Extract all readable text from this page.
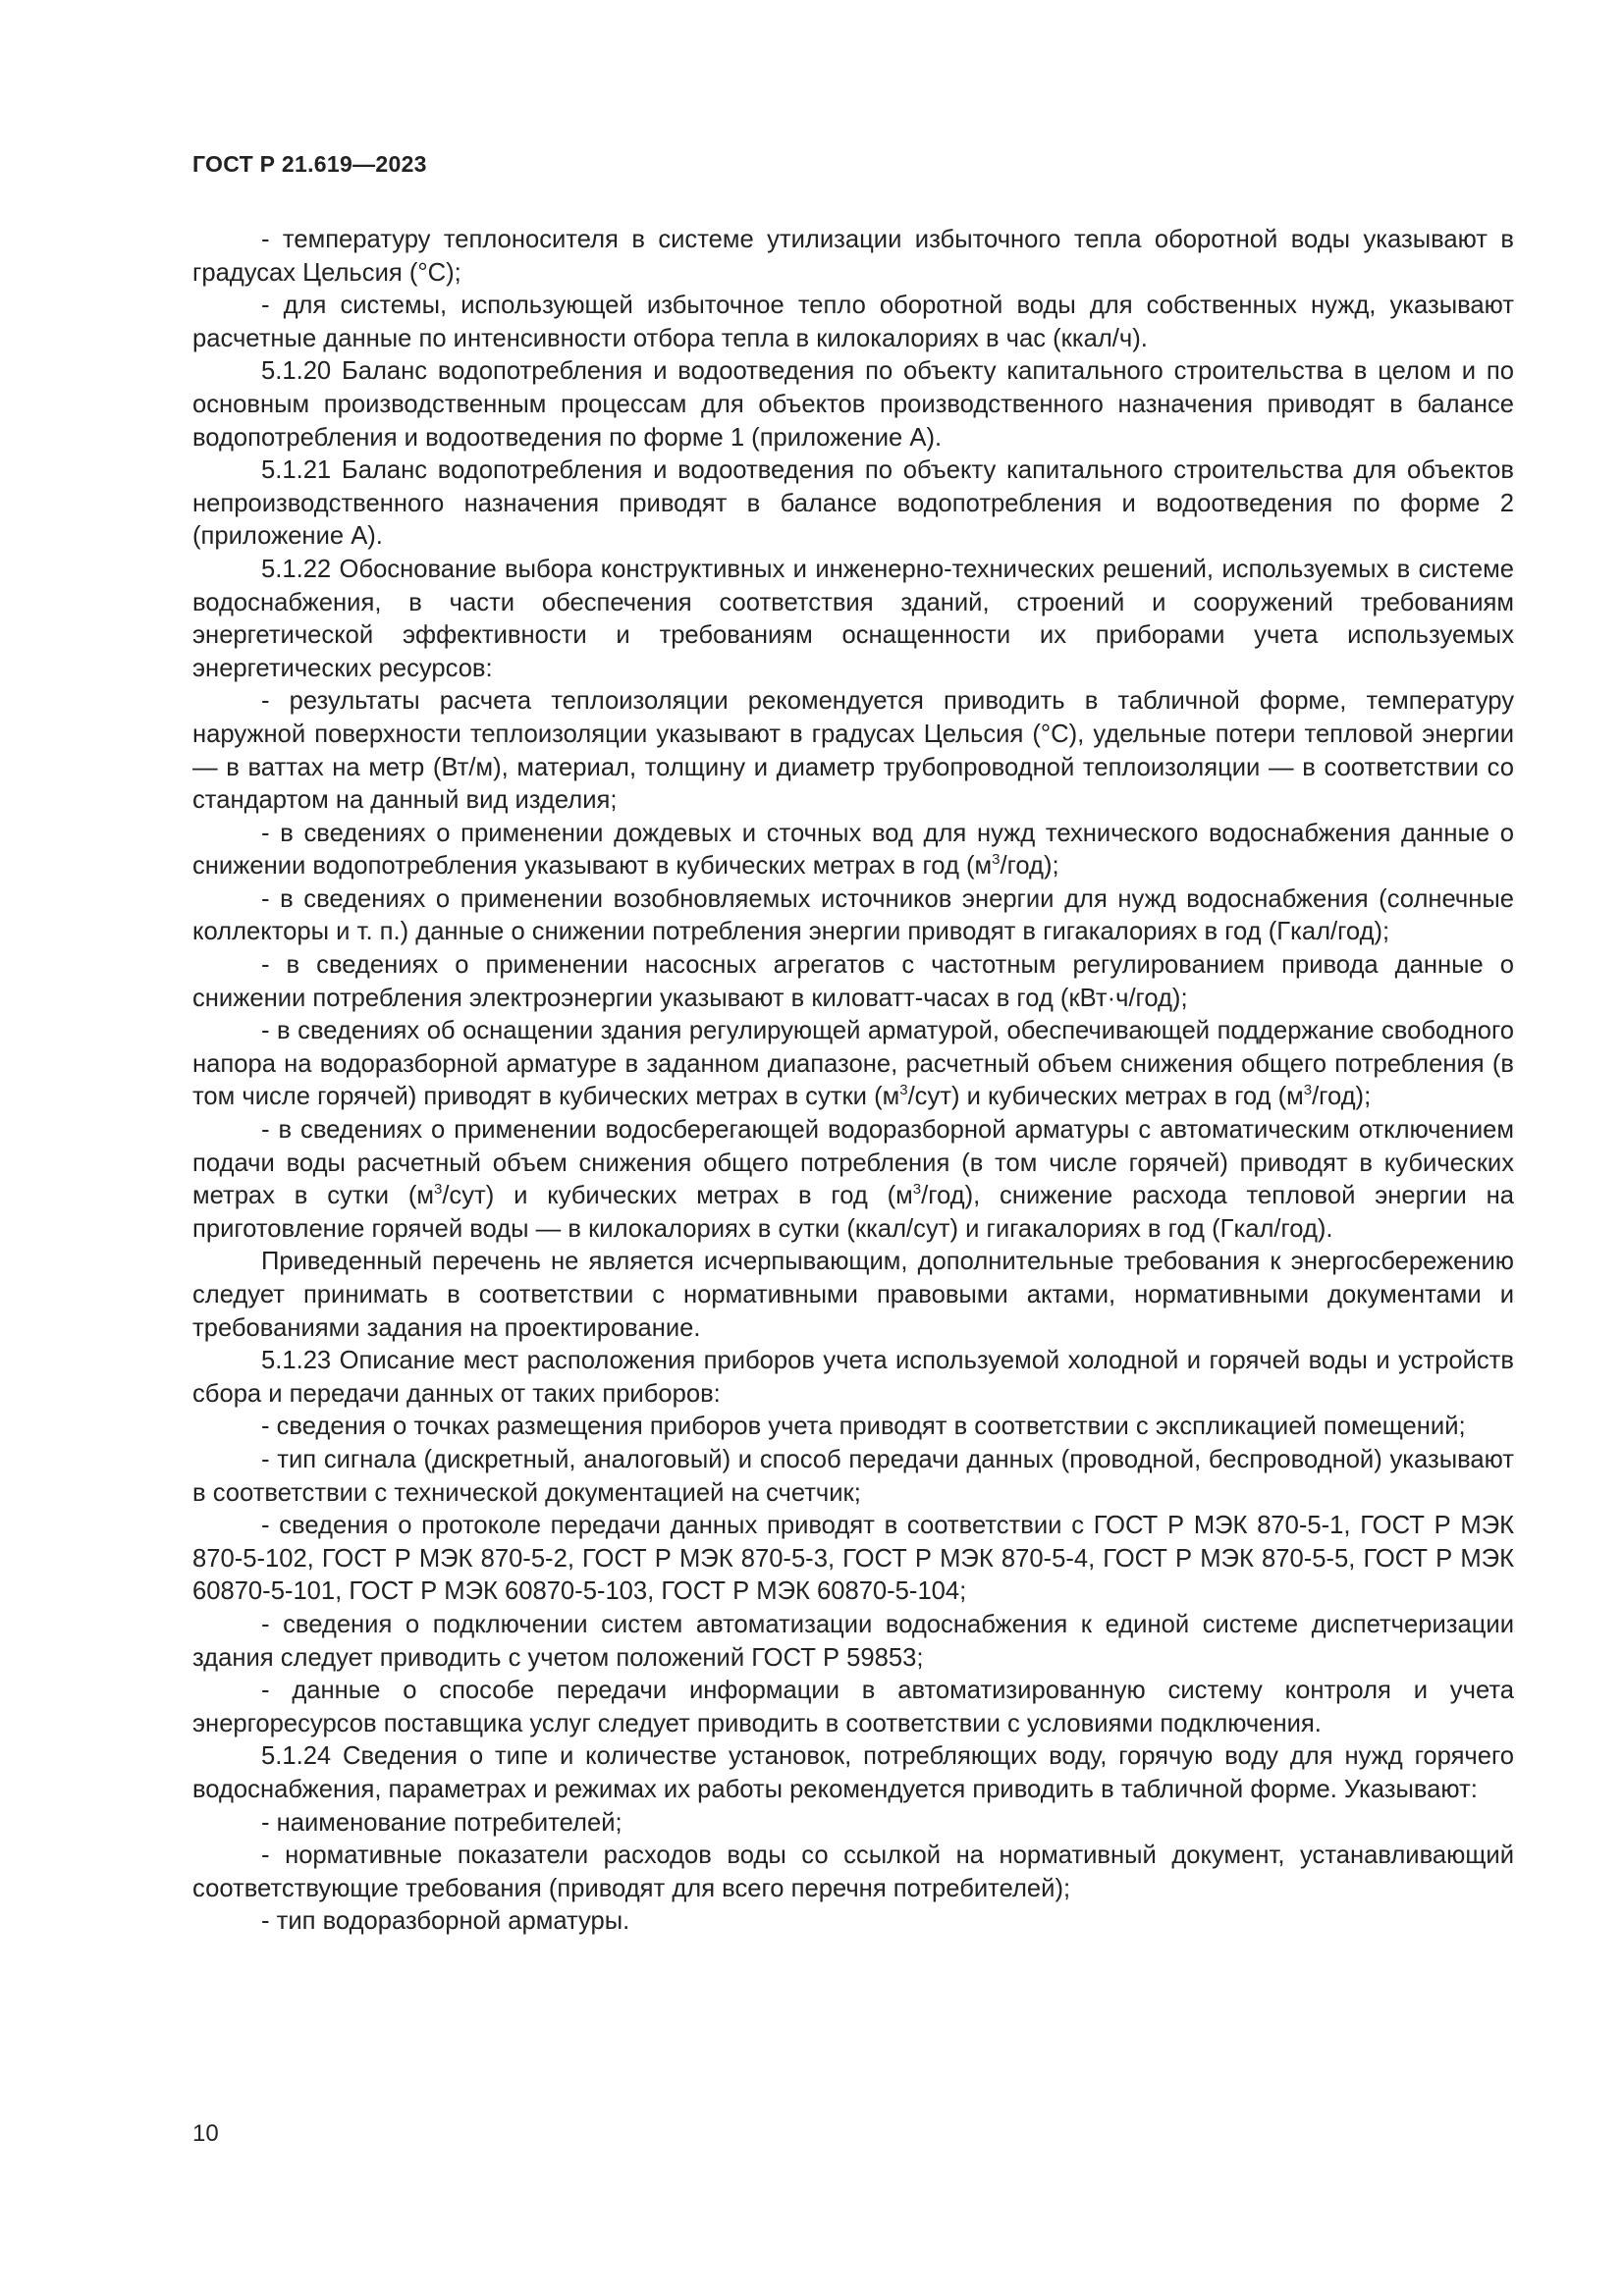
ГОСТ Р 21.619—2023

- температуру теплоносителя в системе утилизации избыточного тепла оборотной воды указывают в градусах Цельсия (°С);

- для системы, использующей избыточное тепло оборотной воды для собственных нужд, указывают расчетные данные по интенсивности отбора тепла в килокалориях в час (ккал/ч).

5.1.20 Баланс водопотребления и водоотведения по объекту капитального строительства в целом и по основным производственным процессам для объектов производственного назначения приводят в балансе водопотребления и водоотведения по форме 1 (приложение А).

5.1.21 Баланс водопотребления и водоотведения по объекту капитального строительства для объектов непроизводственного назначения приводят в балансе водопотребления и водоотведения по форме 2 (приложение А).

5.1.22 Обоснование выбора конструктивных и инженерно-технических решений, используемых в системе водоснабжения, в части обеспечения соответствия зданий, строений и сооружений требованиям энергетической эффективности и требованиям оснащенности их приборами учета используемых энергетических ресурсов:

- результаты расчета теплоизоляции рекомендуется приводить в табличной форме, температуру наружной поверхности теплоизоляции указывают в градусах Цельсия (°С), удельные потери тепловой энергии — в ваттах на метр (Вт/м), материал, толщину и диаметр трубопроводной теплоизоляции — в соответствии со стандартом на данный вид изделия;

- в сведениях о применении дождевых и сточных вод для нужд технического водоснабжения данные о снижении водопотребления указывают в кубических метрах в год $(м^3/год)$;

- в сведениях о применении возобновляемых источников энергии для нужд водоснабжения (солнечные коллекторы и т. п.) данные о снижении потребления энергии приводят в гигакалориях в год (Гкал/год);

- в сведениях о применении насосных агрегатов с частотным регулированием привода данные о снижении потребления электроэнергии указывают в киловатт-часах в год (кВт·ч/год);

- в сведениях об оснащении здания регулирующей арматурой, обеспечивающей поддержание свободного напора на водоразборной арматуре в заданном диапазоне, расчетный объем снижения общего потребления (в том числе горячей) приводят в кубических метрах в сутки $(м^3/сут)$ и кубических метрах в год $(м^3/год)$;

- в сведениях о применении водосберегающей водоразборной арматуры с автоматическим отключением подачи воды расчетный объем снижения общего потребления (в том числе горячей) приводят в кубических метрах в сутки $(м^3/сут)$ и кубических метрах в год $(м^3/год)$, снижение расхода тепловой энергии на приготовление горячей воды — в килокалориях в сутки (ккал/сут) и гигакалориях в год (Гкал/год).

Приведенный перечень не является исчерпывающим, дополнительные требования к энергосбережению следует принимать в соответствии с нормативными правовыми актами, нормативными документами и требованиями задания на проектирование.

5.1.23 Описание мест расположения приборов учета используемой холодной и горячей воды и устройств сбора и передачи данных от таких приборов:

- сведения о точках размещения приборов учета приводят в соответствии с экспликацией помещений;

- тип сигнала (дискретный, аналоговый) и способ передачи данных (проводной, беспроводной) указывают в соответствии с технической документацией на счетчик;

- сведения о протоколе передачи данных приводят в соответствии с ГОСТ Р МЭК 870-5-1, ГОСТ Р МЭК 870-5-102, ГОСТ Р МЭК 870-5-2, ГОСТ Р МЭК 870-5-3, ГОСТ Р МЭК 870-5-4, ГОСТ Р МЭК 870-5-5, ГОСТ Р МЭК 60870-5-101, ГОСТ Р МЭК 60870-5-103, ГОСТ Р МЭК 60870-5-104;

- сведения о подключении систем автоматизации водоснабжения к единой системе диспетчеризации здания следует приводить с учетом положений ГОСТ Р 59853;

- данные о способе передачи информации в автоматизированную систему контроля и учета энергоресурсов поставщика услуг следует приводить в соответствии с условиями подключения.

5.1.24 Сведения о типе и количестве установок, потребляющих воду, горячую воду для нужд горячего водоснабжения, параметрах и режимах их работы рекомендуется приводить в табличной форме. Указывают:

- наименование потребителей;

- нормативные показатели расходов воды со ссылкой на нормативный документ, устанавливающий соответствующие требования (приводят для всего перечня потребителей);

- тип водоразборной арматуры.

10
